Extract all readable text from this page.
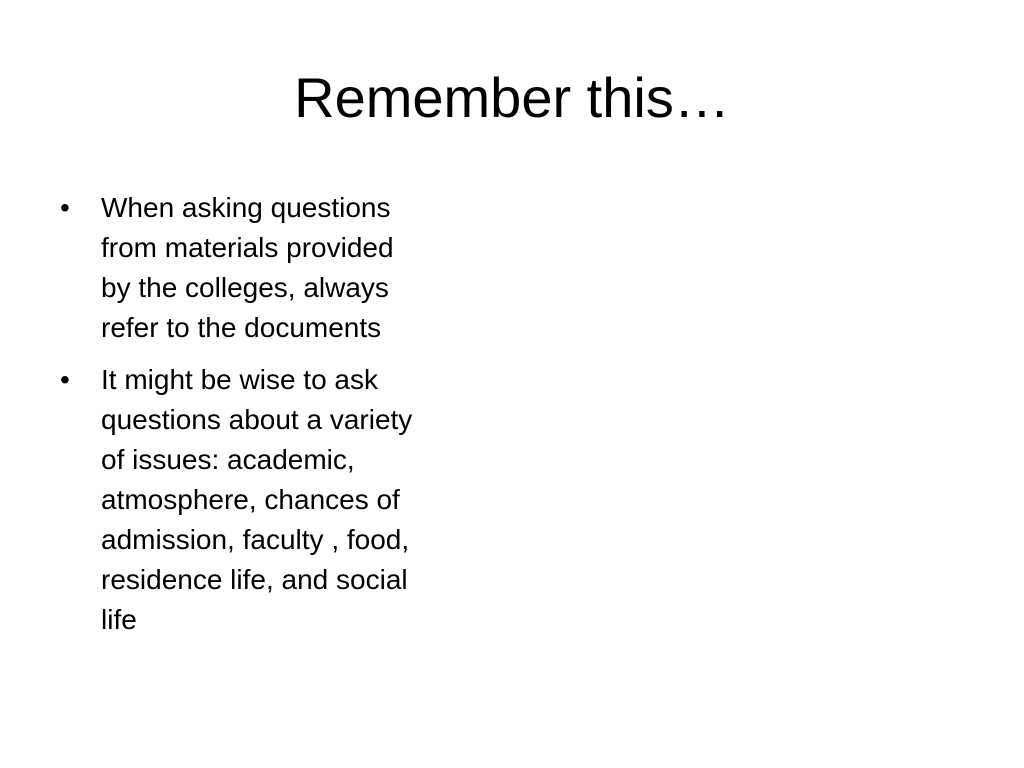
Remember this…
•	When asking questions
from materials provided
by the colleges, always
refer to the documents
•	It might be wise to ask
questions about a variety
of issues: academic,
atmosphere, chances of
admission, faculty , food,
residence life, and social
life
